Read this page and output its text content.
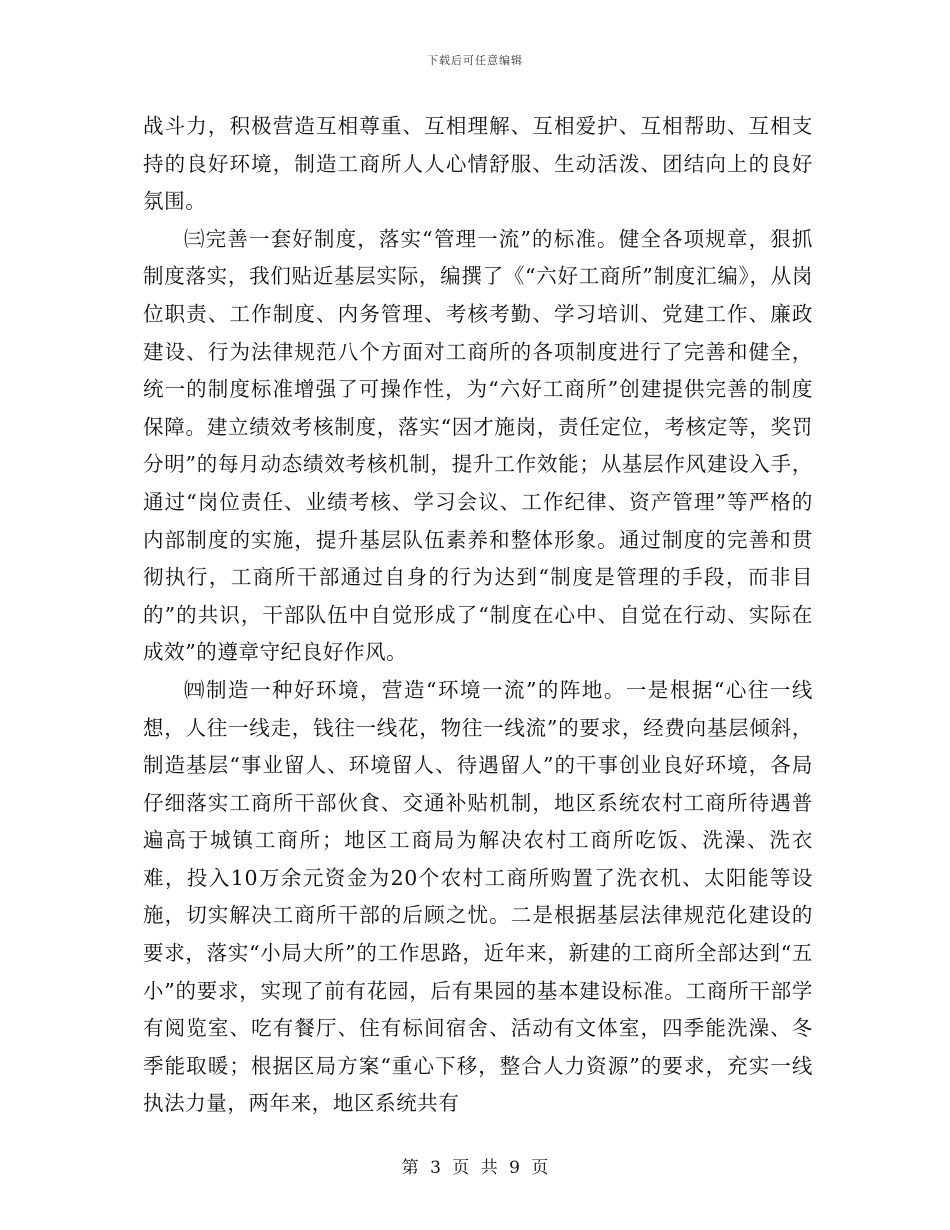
下载后可任意编辑

战斗力，积极营造互相尊重、互相理解、互相爱护、互相帮助、互相支持的良好环境，制造工商所人人心情舒服、生动活泼、团结向上的良好氛围。

㈢完善一套好制度，落实“管理一流”的标准。健全各项规章，狠抓制度落实，我们贴近基层实际，编撰了《“六好工商所”制度汇编》，从岗位职责、工作制度、内务管理、考核考勤、学习培训、党建工作、廉政建设、行为法律规范八个方面对工商所的各项制度进行了完善和健全，统一的制度标准增强了可操作性，为“六好工商所”创建提供完善的制度保障。建立绩效考核制度，落实“因才施岗，责任定位，考核定等，奖罚分明”的每月动态绩效考核机制，提升工作效能；从基层作风建设入手，通过“岗位责任、业绩考核、学习会议、工作纪律、资产管理”等严格的内部制度的实施，提升基层队伍素养和整体形象。通过制度的完善和贯彻执行，工商所干部通过自身的行为达到“制度是管理的手段，而非目的”的共识，干部队伍中自觉形成了“制度在心中、自觉在行动、实际在成效”的遵章守纪良好作风。

㈣制造一种好环境，营造“环境一流”的阵地。一是根据“心往一线想，人往一线走，钱往一线花，物往一线流”的要求，经费向基层倾斜，制造基层“事业留人、环境留人、待遇留人”的干事创业良好环境，各局仔细落实工商所干部伙食、交通补贴机制，地区系统农村工商所待遇普遍高于城镇工商所；地区工商局为解决农村工商所吃饭、洗澡、洗衣难，投入10万余元资金为20个农村工商所购置了洗衣机、太阳能等设施，切实解决工商所干部的后顾之忧。二是根据基层法律规范化建设的要求，落实“小局大所”的工作思路，近年来，新建的工商所全部达到“五小”的要求，实现了前有花园，后有果园的基本建设标准。工商所干部学有阅览室、吃有餐厅、住有标间宿舍、活动有文体室，四季能洗澡、冬季能取暖；根据区局方案“重心下移，整合人力资源”的要求，充实一线执法力量，两年来，地区系统共有

第 3 页 共 9 页
